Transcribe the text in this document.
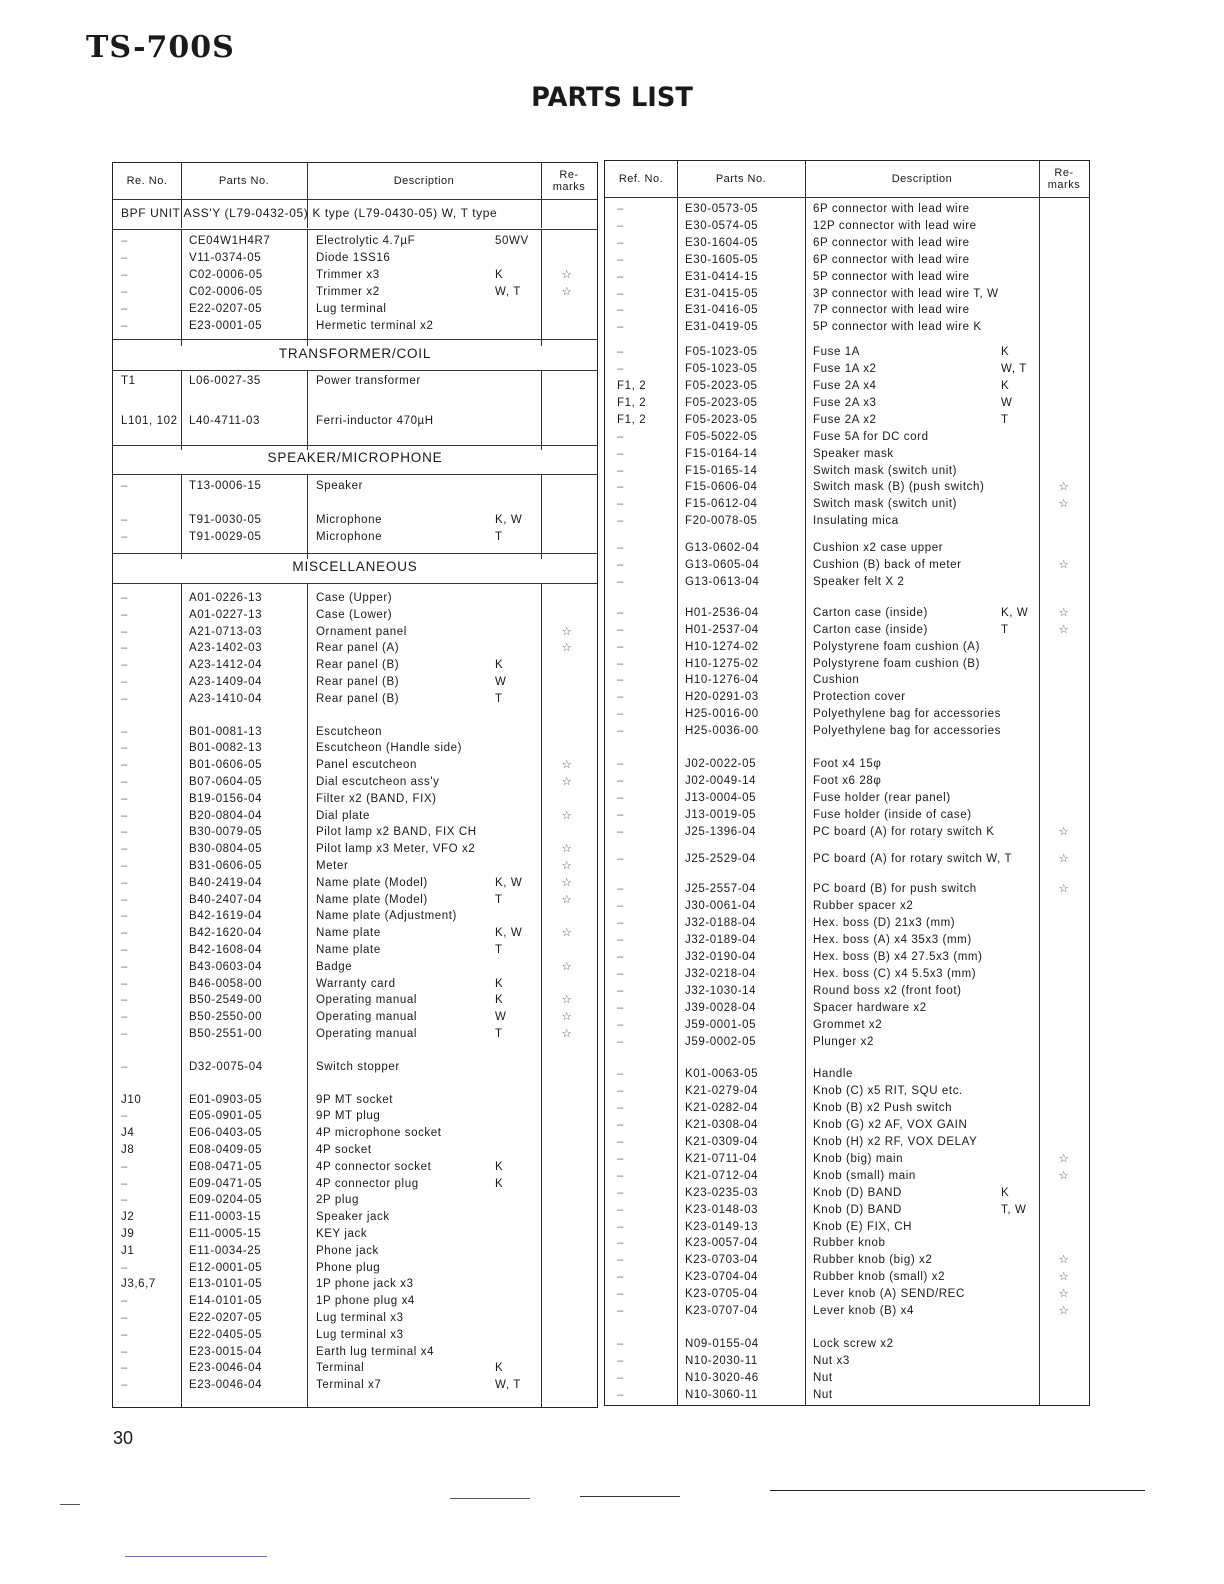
TS-700S
PARTS LIST
Re. No.	Parts No.	Description	Re-
marks
BPF UNIT ASS'Y (L79-0432-05) K type (L79-0430-05) W, T type
–	CE04W1H4R7	Electrolytic 4.7µF	50WV
–	V11-0374-05	Diode 1SS16
–	C02-0006-05	Trimmer x3	K	☆
–	C02-0006-05	Trimmer x2	W, T	☆
–	E22-0207-05	Lug terminal
–	E23-0001-05	Hermetic terminal x2
TRANSFORMER/COIL
T1	L06-0027-35	Power transformer
L101, 102 L40-4711-03	Ferri-inductor 470µH
SPEAKER/MICROPHONE
–	T13-0006-15	Speaker
–	T91-0030-05	Microphone	K, W
–	T91-0029-05	Microphone	T
MISCELLANEOUS
–	A01-0226-13	Case (Upper)
–	A01-0227-13	Case (Lower)
–	A21-0713-03	Ornament panel	☆
–	A23-1402-03	Rear panel (A)	☆
–	A23-1412-04	Rear panel (B)	K
–	A23-1409-04	Rear panel (B)	W
–	A23-1410-04	Rear panel (B)	T
–	B01-0081-13	Escutcheon
–	B01-0082-13	Escutcheon (Handle side)
–	B01-0606-05	Panel escutcheon	☆
–	B07-0604-05	Dial escutcheon ass'y	☆
–	B19-0156-04	Filter x2 (BAND, FIX)
–	B20-0804-04	Dial plate	☆
–	B30-0079-05	Pilot lamp x2 BAND, FIX CH
–	B30-0804-05	Pilot lamp x3 Meter, VFO x2	☆
–	B31-0606-05	Meter	☆
–	B40-2419-04	Name plate (Model)	K, W	☆
–	B40-2407-04	Name plate (Model)	T	☆
–	B42-1619-04	Name plate (Adjustment)
–	B42-1620-04	Name plate	K, W	☆
–	B42-1608-04	Name plate	T
–	B43-0603-04	Badge	☆
–	B46-0058-00	Warranty card	K
–	B50-2549-00	Operating manual	K	☆
–	B50-2550-00	Operating manual	W	☆
–	B50-2551-00	Operating manual	T	☆
–	D32-0075-04	Switch stopper
J10	E01-0903-05	9P MT socket
–	E05-0901-05	9P MT plug
J4	E06-0403-05	4P microphone socket
J8	E08-0409-05	4P socket
–	E08-0471-05	4P connector socket	K
–	E09-0471-05	4P connector plug	K
–	E09-0204-05	2P plug
J2	E11-0003-15	Speaker jack
J9	E11-0005-15	KEY jack
J1	E11-0034-25	Phone jack
–	E12-0001-05	Phone plug
J3,6,7	E13-0101-05	1P phone jack x3
–	E14-0101-05	1P phone plug x4
–	E22-0207-05	Lug terminal x3
–	E22-0405-05	Lug terminal x3
–	E23-0015-04	Earth lug terminal x4
–	E23-0046-04	Terminal	K
–	E23-0046-04	Terminal x7	W, T
Ref. No.	Parts No.	Description	Re-
marks
–	E30-0573-05	6P connector with lead wire
–	E30-0574-05	12P connector with lead wire
–	E30-1604-05	6P connector with lead wire
–	E30-1605-05	6P connector with lead wire
–	E31-0414-15	5P connector with lead wire
–	E31-0415-05	3P connector with lead wire T, W
–	E31-0416-05	7P connector with lead wire
–	E31-0419-05	5P connector with lead wire K
–	F05-1023-05	Fuse 1A	K
–	F05-1023-05	Fuse 1A x2	W, T
F1, 2	F05-2023-05	Fuse 2A x4	K
F1, 2	F05-2023-05	Fuse 2A x3	W
F1, 2	F05-2023-05	Fuse 2A x2	T
–	F05-5022-05	Fuse 5A for DC cord
–	F15-0164-14	Speaker mask
–	F15-0165-14	Switch mask (switch unit)
–	F15-0606-04	Switch mask (B) (push switch)	☆
–	F15-0612-04	Switch mask (switch unit)	☆
–	F20-0078-05	Insulating mica
–	G13-0602-04	Cushion x2 case upper
–	G13-0605-04	Cushion (B) back of meter	☆
–	G13-0613-04	Speaker felt X 2
–	H01-2536-04	Carton case (inside)	K, W	☆
–	H01-2537-04	Carton case (inside)	T	☆
–	H10-1274-02	Polystyrene foam cushion (A)
–	H10-1275-02	Polystyrene foam cushion (B)
–	H10-1276-04	Cushion
–	H20-0291-03	Protection cover
–	H25-0016-00	Polyethylene bag for accessories
–	H25-0036-00	Polyethylene bag for accessories
–	J02-0022-05	Foot x4 15φ
–	J02-0049-14	Foot x6 28φ
–	J13-0004-05	Fuse holder (rear panel)
–	J13-0019-05	Fuse holder (inside of case)
–	J25-1396-04	PC board (A) for rotary switch K	☆
–	J25-2529-04	PC board (A) for rotary switch W, T	☆
–	J25-2557-04	PC board (B) for push switch	☆
–	J30-0061-04	Rubber spacer x2
–	J32-0188-04	Hex. boss (D) 21x3 (mm)
–	J32-0189-04	Hex. boss (A) x4 35x3 (mm)
–	J32-0190-04	Hex. boss (B) x4 27.5x3 (mm)
–	J32-0218-04	Hex. boss (C) x4 5.5x3 (mm)
–	J32-1030-14	Round boss x2 (front foot)
–	J39-0028-04	Spacer hardware x2
–	J59-0001-05	Grommet x2
–	J59-0002-05	Plunger x2
–	K01-0063-05	Handle
–	K21-0279-04	Knob (C) x5 RIT, SQU etc.
–	K21-0282-04	Knob (B) x2 Push switch
–	K21-0308-04	Knob (G) x2 AF, VOX GAIN
–	K21-0309-04	Knob (H) x2 RF, VOX DELAY
–	K21-0711-04	Knob (big) main	☆
–	K21-0712-04	Knob (small) main	☆
–	K23-0235-03	Knob (D) BAND	K
–	K23-0148-03	Knob (D) BAND	T, W
–	K23-0149-13	Knob (E) FIX, CH
–	K23-0057-04	Rubber knob
–	K23-0703-04	Rubber knob (big) x2	☆
–	K23-0704-04	Rubber knob (small) x2	☆
–	K23-0705-04	Lever knob (A) SEND/REC	☆
–	K23-0707-04	Lever knob (B) x4	☆
–	N09-0155-04	Lock screw x2
–	N10-2030-11	Nut x3
–	N10-3020-46	Nut
–	N10-3060-11	Nut
30
